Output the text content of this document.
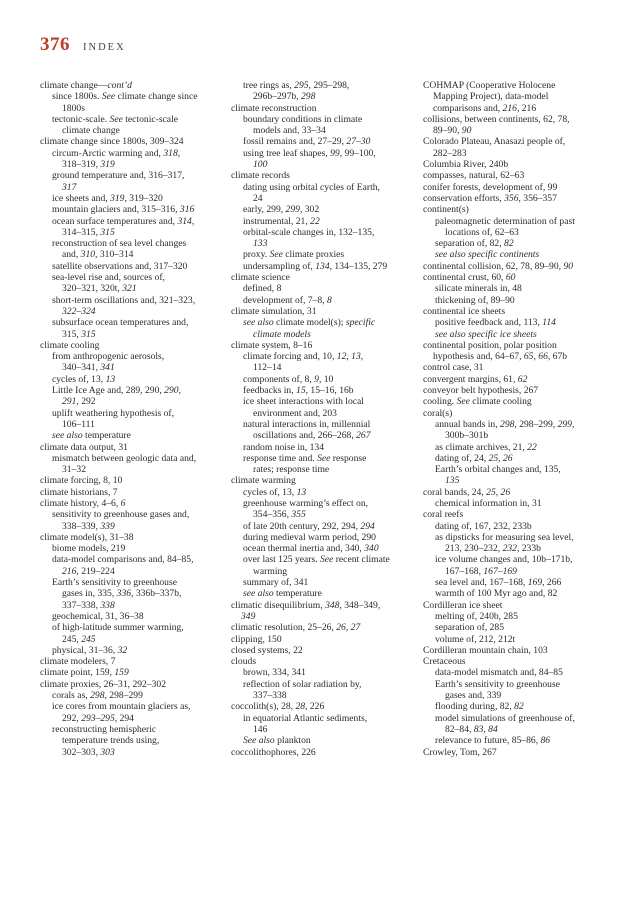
376 INDEX
climate change—cont’d
since 1800s. See climate change since
1800s
tectonic-scale. See tectonic-scale
climate change
climate change since 1800s, 309–324
circum-Arctic warming and, 318,
318–319, 319
ground temperature and, 316–317,
317
ice sheets and, 319, 319–320
mountain glaciers and, 315–316, 316
ocean surface temperatures and, 314,
314–315, 315
reconstruction of sea level changes
and, 310, 310–314
satellite observations and, 317–320
sea-level rise and, sources of,
320–321, 320t, 321
short-term oscillations and, 321–323,
322–324
subsurface ocean temperatures and,
315, 315
climate cooling
from anthropogenic aerosols,
340–341, 341
cycles of, 13, 13
Little Ice Age and, 289, 290, 290,
291, 292
uplift weathering hypothesis of,
106–111
see also temperature
climate data output, 31
mismatch between geologic data and,
31–32
climate forcing, 8, 10
climate historians, 7
climate history, 4–6, 6
sensitivity to greenhouse gases and,
338–339, 339
climate model(s), 31–38
biome models, 219
data-model comparisons and, 84–85,
216, 219–224
Earth’s sensitivity to greenhouse
gases in, 335, 336, 336b–337b,
337–338, 338
geochemical, 31, 36–38
of high-latitude summer warming,
245, 245
physical, 31–36, 32
climate modelers, 7
climate point, 159, 159
climate proxies, 26–31, 292–302
corals as, 298, 298–299
ice cores from mountain glaciers as,
292, 293–295, 294
reconstructing hemispheric
temperature trends using,
302–303, 303
tree rings as, 295, 295–298,
296b–297b, 298
climate reconstruction
boundary conditions in climate
models and, 33–34
fossil remains and, 27–29, 27–30
using tree leaf shapes, 99, 99–100,
100
climate records
dating using orbital cycles of Earth,
24
early, 299, 299, 302
instrumental, 21, 22
orbital-scale changes in, 132–135,
133
proxy. See climate proxies
undersampling of, 134, 134–135, 279
climate science
defined, 8
development of, 7–8, 8
climate simulation, 31
see also climate model(s); specific
climate models
climate system, 8–16
climate forcing and, 10, 12, 13,
112–14
components of, 8, 9, 10
feedbacks in, 15, 15–16, 16b
ice sheet interactions with local
environment and, 203
natural interactions in, millennial
oscillations and, 266–268, 267
random noise in, 134
response time and. See response
rates; response time
climate warming
cycles of, 13, 13
greenhouse warming’s effect on,
354–356, 355
of late 20th century, 292, 294, 294
during medieval warm period, 290
ocean thermal inertia and, 340, 340
over last 125 years. See recent climate
warming
summary of, 341
see also temperature
climatic disequilibrium, 348, 348–349,
349
climatic resolution, 25–26, 26, 27
clipping, 150
closed systems, 22
clouds
brown, 334, 341
reflection of solar radiation by,
337–338
coccolith(s), 28, 28, 226
in equatorial Atlantic sediments,
146
See also plankton
coccolithophores, 226
COHMAP (Cooperative Holocene
Mapping Project), data-model
comparisons and, 216, 216
collisions, between continents, 62, 78,
89–90, 90
Colorado Plateau, Anasazi people of,
282–283
Columbia River, 240b
compasses, natural, 62–63
conifer forests, development of, 99
conservation efforts, 356, 356–357
continent(s)
paleomagnetic determination of past
locations of, 62–63
separation of, 82, 82
see also specific continents
continental collision, 62, 78, 89–90, 90
continental crust, 60, 60
silicate minerals in, 48
thickening of, 89–90
continental ice sheets
positive feedback and, 113, 114
see also specific ice sheets
continental position, polar position
hypothesis and, 64–67, 65, 66, 67b
control case, 31
convergent margins, 61, 62
conveyor belt hypothesis, 267
cooling. See climate cooling
coral(s)
annual bands in, 298, 298–299, 299,
300b–301b
as climate archives, 21, 22
dating of, 24, 25, 26
Earth’s orbital changes and, 135,
135
coral bands, 24, 25, 26
chemical information in, 31
coral reefs
dating of, 167, 232, 233b
as dipsticks for measuring sea level,
213, 230–232, 232, 233b
ice volume changes and, 10b–171b,
167–168, 167–169
sea level and, 167–168, 169, 266
warmth of 100 Myr ago and, 82
Cordilleran ice sheet
melting of, 240b, 285
separation of, 285
volume of, 212, 212t
Cordilleran mountain chain, 103
Cretaceous
data-model mismatch and, 84–85
Earth’s sensitivity to greenhouse
gases and, 339
flooding during, 82, 82
model simulations of greenhouse of,
82–84, 83, 84
relevance to future, 85–86, 86
Crowley, Tom, 267
